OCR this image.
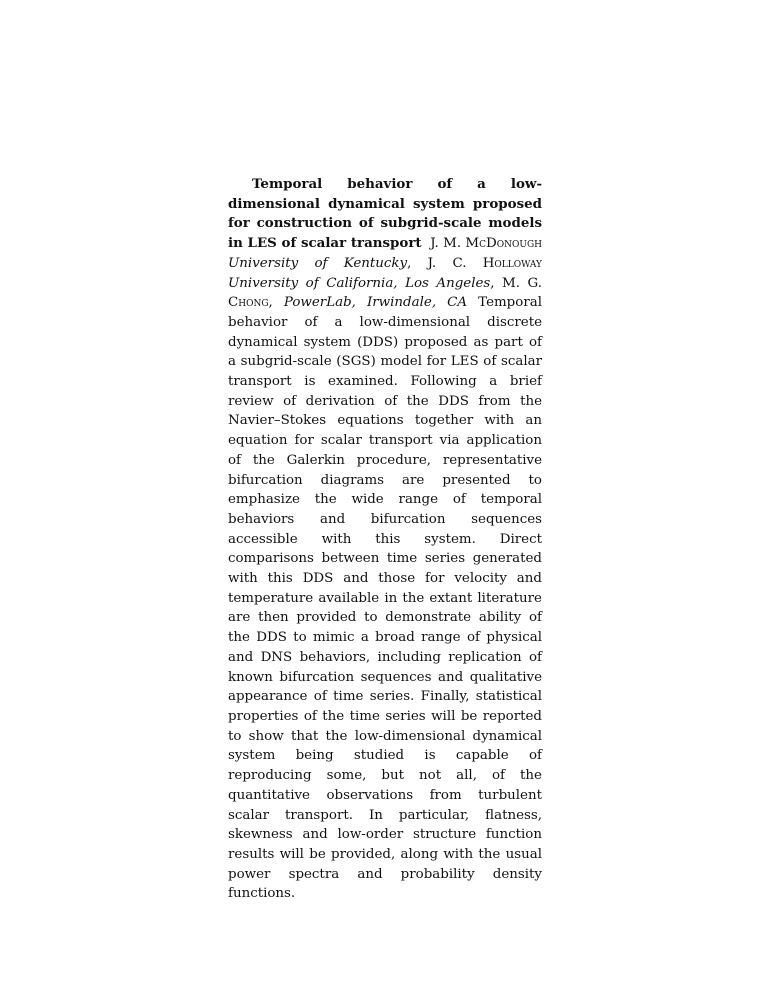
Temporal behavior of a low-dimensional dynamical system proposed for construction of subgrid-scale models in LES of scalar transport J. M. McDonough University of Kentucky, J. C. Holloway University of California, Los Angeles, M. G. Chong, PowerLab, Irwindale, CA Temporal behavior of a low-dimensional discrete dynamical system (DDS) proposed as part of a subgrid-scale (SGS) model for LES of scalar transport is examined. Following a brief review of derivation of the DDS from the Navier–Stokes equations together with an equation for scalar transport via application of the Galerkin procedure, representative bifurcation diagrams are presented to emphasize the wide range of temporal behaviors and bifurcation sequences accessible with this system. Direct comparisons between time series generated with this DDS and those for velocity and temperature available in the extant literature are then provided to demonstrate ability of the DDS to mimic a broad range of physical and DNS behaviors, including replication of known bifurcation sequences and qualitative appearance of time series. Finally, statistical properties of the time series will be reported to show that the low-dimensional dynamical system being studied is capable of reproducing some, but not all, of the quantitative observations from turbulent scalar transport. In particular, flatness, skewness and low-order structure function results will be provided, along with the usual power spectra and probability density functions.
